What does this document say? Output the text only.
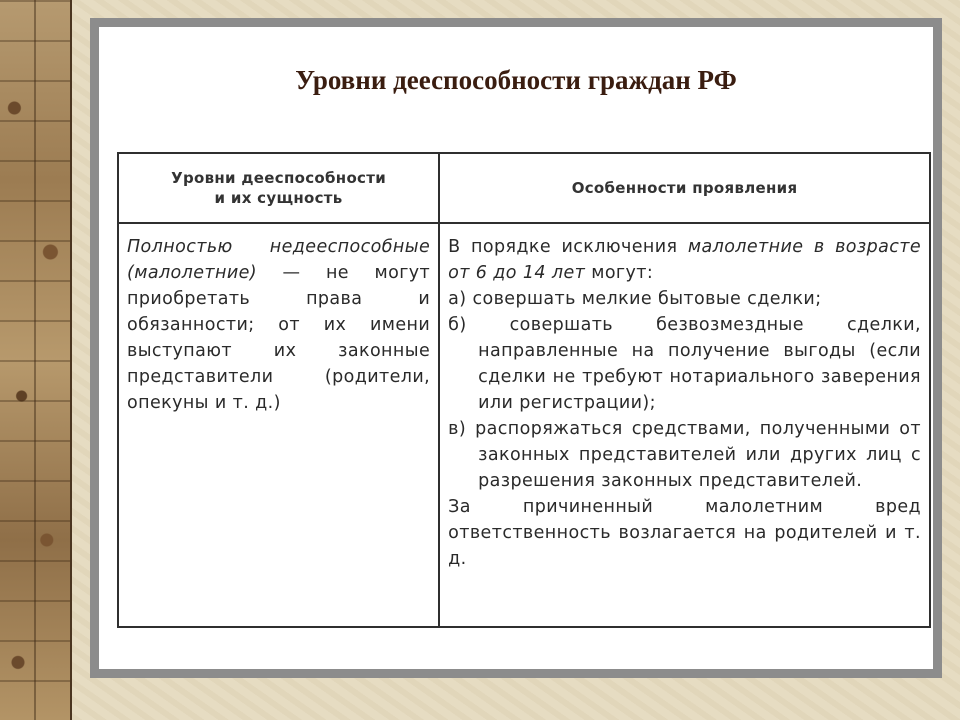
Уровни дееспособности граждан РФ
Уровни дееспособности
и их сущность	Особенности проявления
Полностью недееспособные (малолетние) — не могут приобретать права и обязанности; от их имени выступают их законные представители (родители, опекуны и т. д.)	В порядке исключения малолетние в возрасте от 6 до 14 лет могут:
а) совершать мелкие бытовые сделки;
б) совершать безвозмездные сделки, направленные на получение выгоды (если сделки не требуют нотариального заверения или регистрации);
в) распоряжаться средствами, полученными от законных представителей или других лиц с разрешения законных представителей.
За причиненный малолетним вред ответственность возлагается на родителей и т. д.
